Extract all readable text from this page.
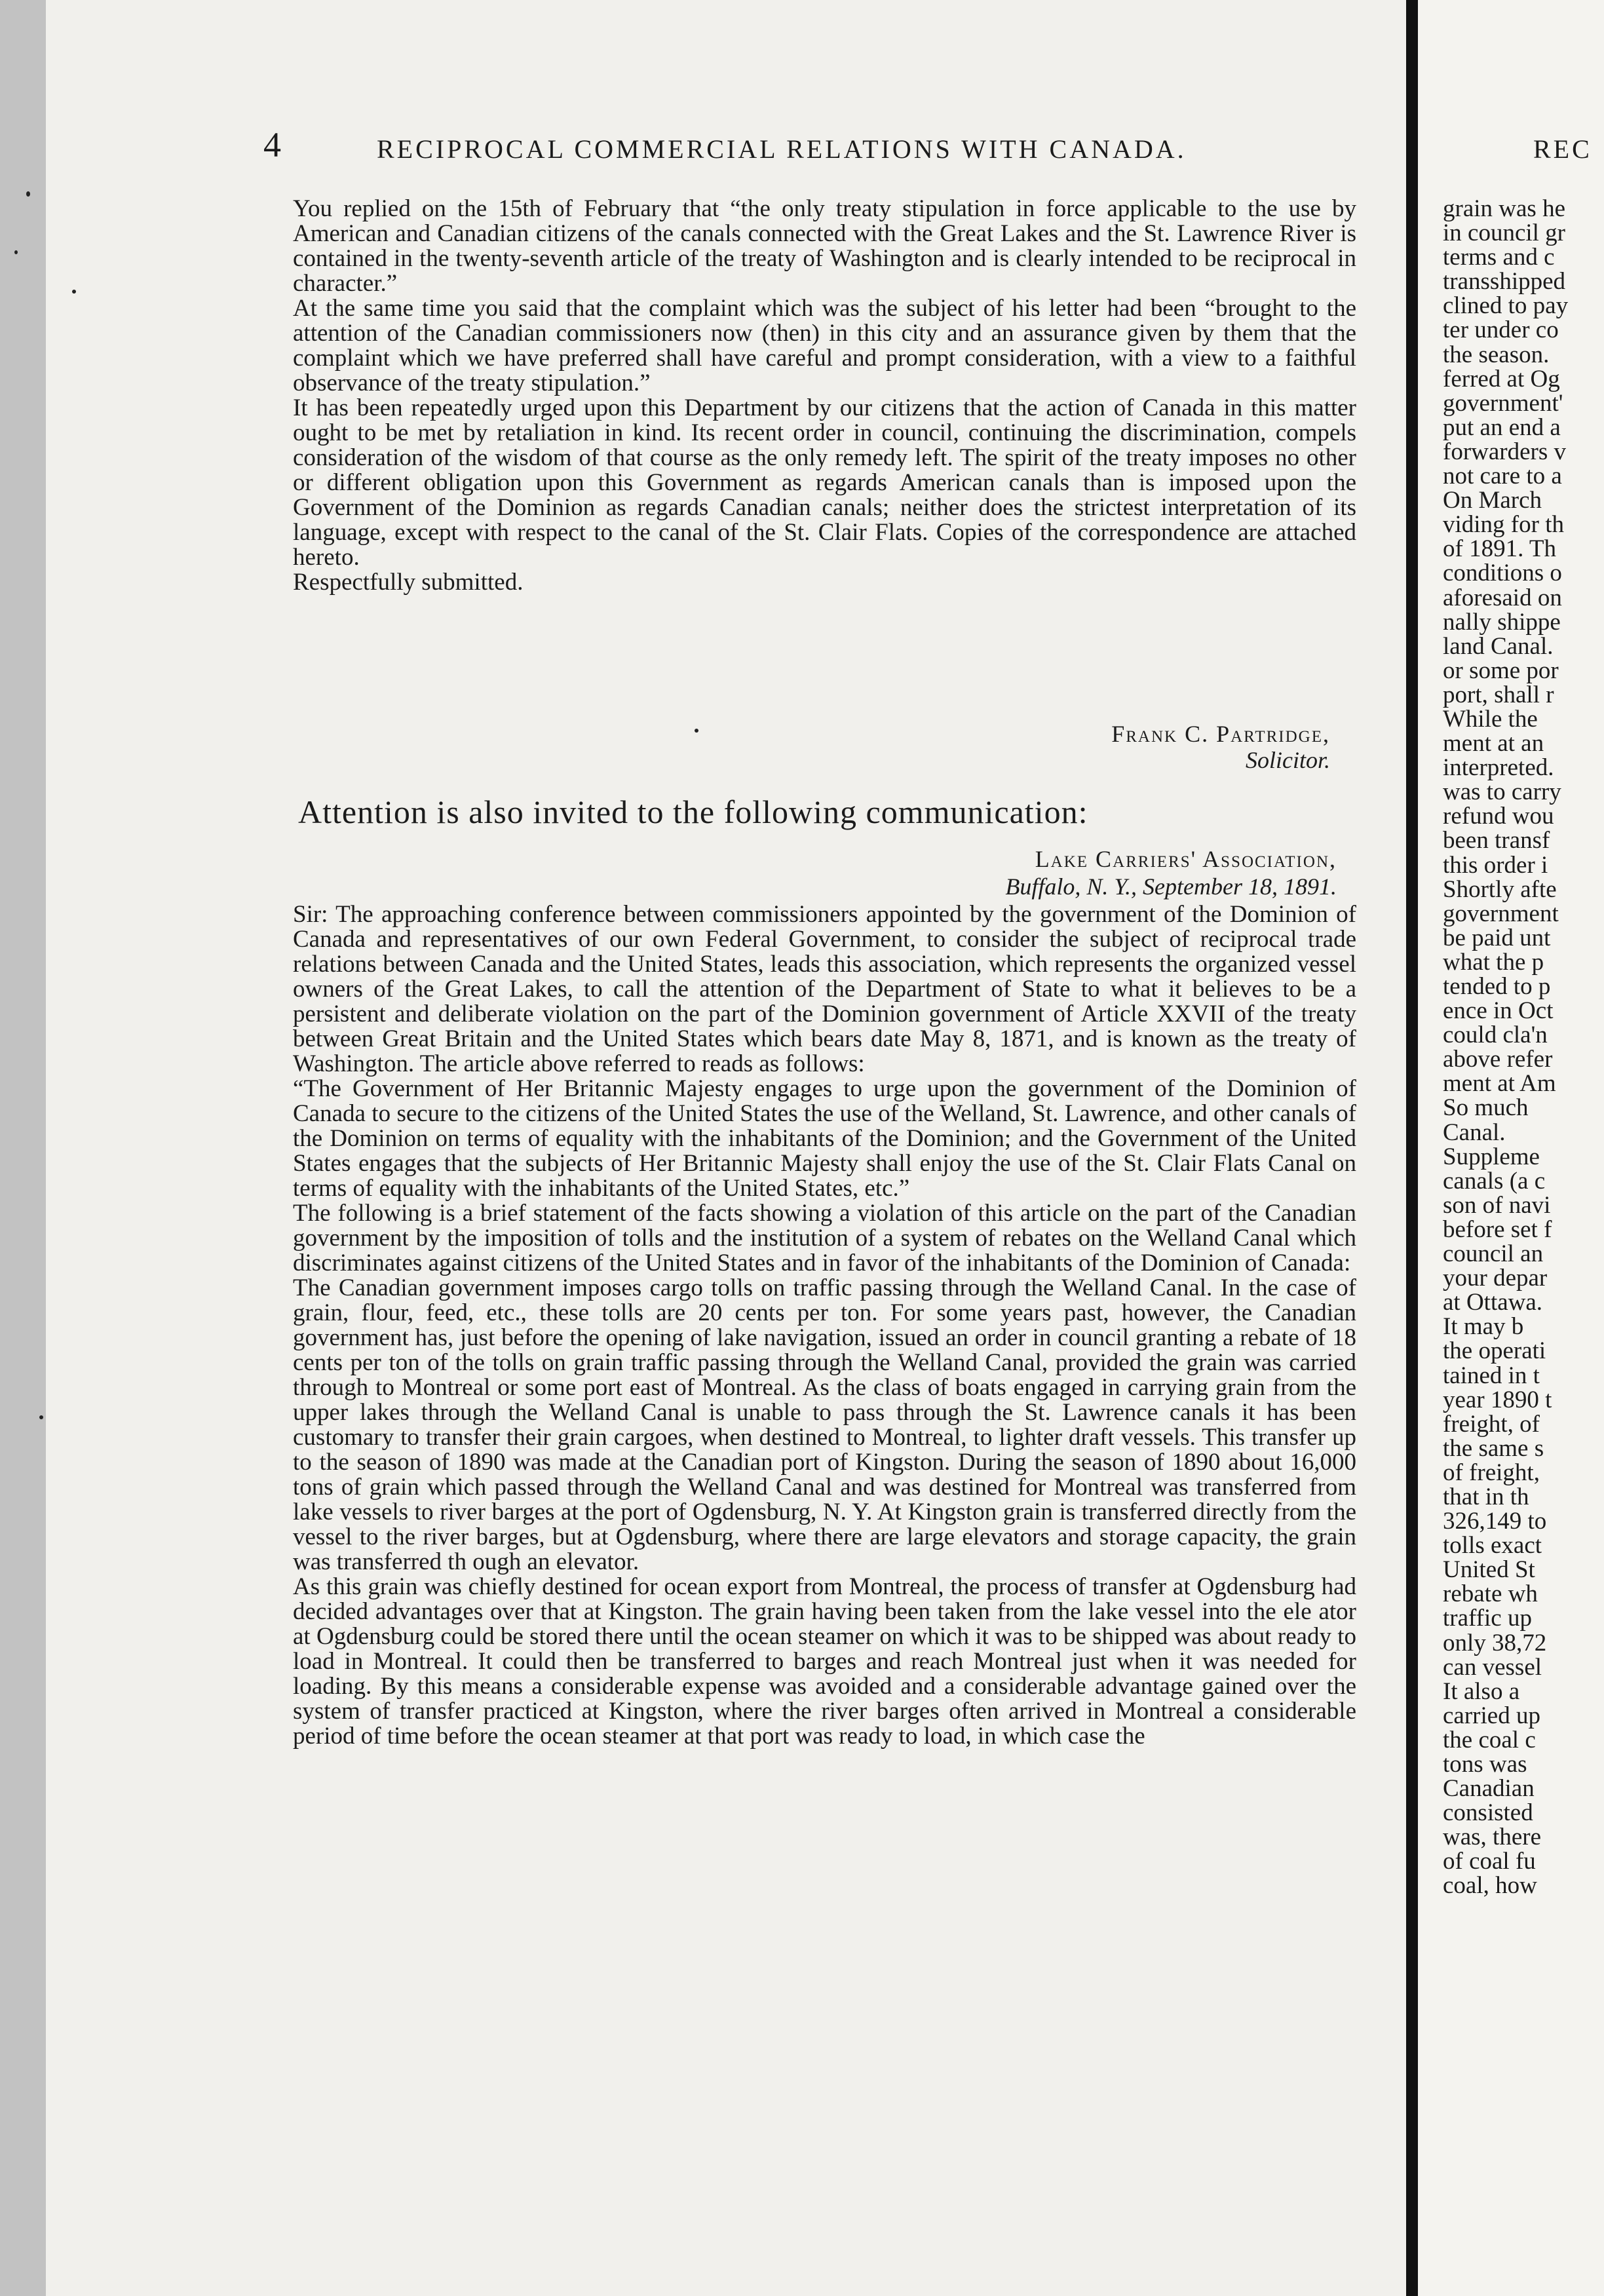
4	RECIPROCAL COMMERCIAL RELATIONS WITH CANADA.	REC

You replied on the 15th of February that “the only treaty stipulation in force applicable to the use by American and Canadian citizens of the canals connected with the Great Lakes and the St. Lawrence River is contained in the twenty-seventh article of the treaty of Washington and is clearly intended to be reciprocal in character.”

At the same time you said that the complaint which was the subject of his letter had been “brought to the attention of the Canadian commissioners now (then) in this city and an assurance given by them that the complaint which we have preferred shall have careful and prompt consideration, with a view to a faithful observance of the treaty stipulation.”

It has been repeatedly urged upon this Department by our citizens that the action of Canada in this matter ought to be met by retaliation in kind. Its recent order in council, continuing the discrimination, compels consideration of the wisdom of that course as the only remedy left. The spirit of the treaty imposes no other or different obligation upon this Government as regards American canals than is imposed upon the Government of the Dominion as regards Canadian canals; neither does the strictest interpretation of its language, except with respect to the canal of the St. Clair Flats. Copies of the correspondence are attached hereto.

Respectfully submitted.

Frank C. Partridge,
Solicitor.
Attention is also invited to the following communication:
Lake Carriers' Association,
Buffalo, N. Y., September 18, 1891.

Sir: The approaching conference between commissioners appointed by the government of the Dominion of Canada and representatives of our own Federal Government, to consider the subject of reciprocal trade relations between Canada and the United States, leads this association, which represents the organized vessel owners of the Great Lakes, to call the attention of the Department of State to what it believes to be a persistent and deliberate violation on the part of the Dominion government of Article XXVII of the treaty between Great Britain and the United States which bears date May 8, 1871, and is known as the treaty of Washington. The article above referred to reads as follows:

“The Government of Her Britannic Majesty engages to urge upon the government of the Dominion of Canada to secure to the citizens of the United States the use of the Welland, St. Lawrence, and other canals of the Dominion on terms of equality with the inhabitants of the Dominion; and the Government of the United States engages that the subjects of Her Britannic Majesty shall enjoy the use of the St. Clair Flats Canal on terms of equality with the inhabitants of the United States, etc.”

The following is a brief statement of the facts showing a violation of this article on the part of the Canadian government by the imposition of tolls and the institution of a system of rebates on the Welland Canal which discriminates against citizens of the United States and in favor of the inhabitants of the Dominion of Canada:

The Canadian government imposes cargo tolls on traffic passing through the Welland Canal. In the case of grain, flour, feed, etc., these tolls are 20 cents per ton. For some years past, however, the Canadian government has, just before the opening of lake navigation, issued an order in council granting a rebate of 18 cents per ton of the tolls on grain traffic passing through the Welland Canal, provided the grain was carried through to Montreal or some port east of Montreal. As the class of boats engaged in carrying grain from the upper lakes through the Welland Canal is unable to pass through the St. Lawrence canals it has been customary to transfer their grain cargoes, when destined to Montreal, to lighter draft vessels. This transfer up to the season of 1890 was made at the Canadian port of Kingston. During the season of 1890 about 16,000 tons of grain which passed through the Welland Canal and was destined for Montreal was transferred from lake vessels to river barges at the port of Ogdensburg, N. Y. At Kingston grain is transferred directly from the vessel to the river barges, but at Ogdensburg, where there are large elevators and storage capacity, the grain was transferred th ough an elevator.

As this grain was chiefly destined for ocean export from Montreal, the process of transfer at Ogdensburg had decided advantages over that at Kingston. The grain having been taken from the lake vessel into the ele ator at Ogdensburg could be stored there until the ocean steamer on which it was to be shipped was about ready to load in Montreal. It could then be transferred to barges and reach Montreal just when it was needed for loading. By this means a considerable expense was avoided and a considerable advantage gained over the system of transfer practiced at Kingston, where the river barges often arrived in Montreal a considerable period of time before the ocean steamer at that port was ready to load, in which case the

grain was he
in council gr
terms and c
transshipped
clined to pay
ter under co
the season.
ferred at Og
government'
put an end a
forwarders v
not care to a
On March
viding for th
of 1891. Th
conditions o
aforesaid on
nally shippe
land Canal.
or some por
port, shall r
While the
ment at an
interpreted.
was to carry
refund wou
been transf
this order i
Shortly afte
government
be paid unt
what the p
tended to p
ence in Oct
could cla'n
above refer
ment at Am
So much
Canal.
Suppleme
canals (a c
son of navi
before set f
council an
your depar
at Ottawa.
It may b
the operati
tained in t
year 1890 t
freight, of
the same s
of freight,
that in th
326,149 to
tolls exact
United St
rebate wh
traffic up
only 38,72
can vessel
It also a
carried up
the coal c
tons was
Canadian
consisted
was, there
of coal fu
coal, how
